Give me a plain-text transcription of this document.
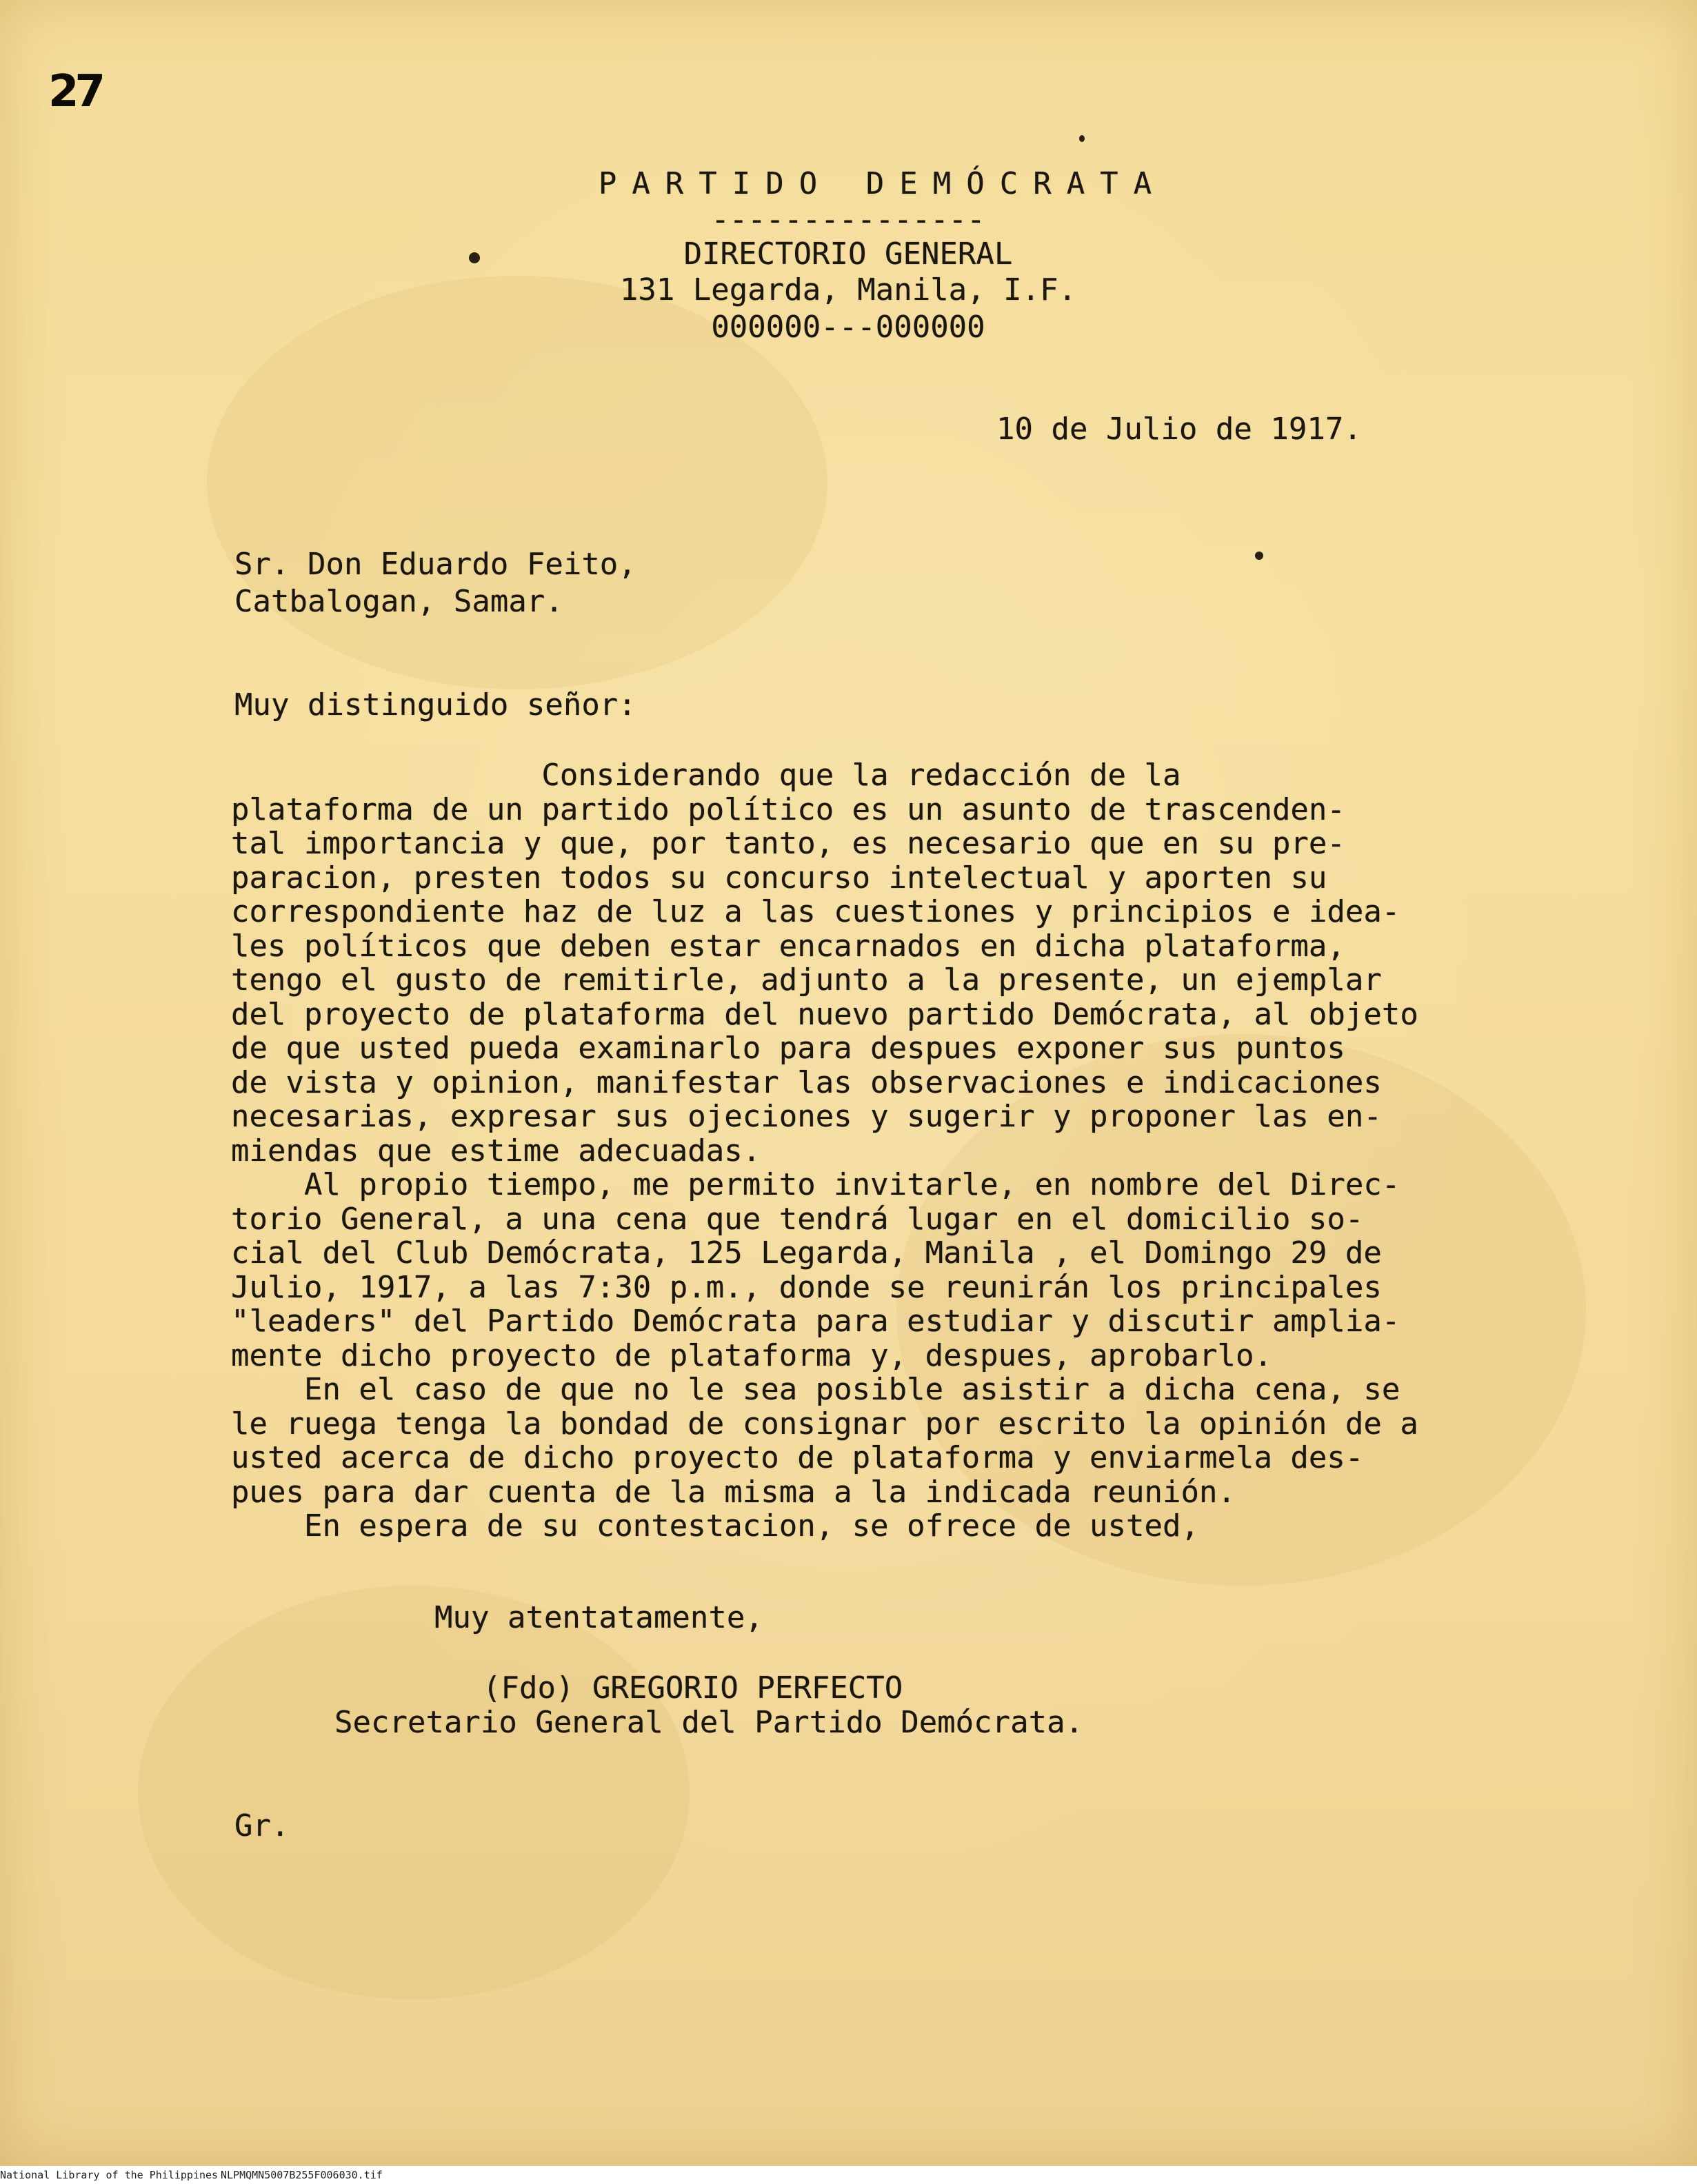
27

PARTIDO DEMÓCRATA

---------------

DIRECTORIO GENERAL

131 Legarda, Manila, I.F.

000000---000000

10 de Julio de 1917.

Sr. Don Eduardo Feito,

Catbalogan, Samar.

Muy distinguido señor:

Considerando que la redacción de la
plataforma de un partido político es un asunto de trascenden-
tal importancia y que, por tanto, es necesario que en su pre-
paracion, presten todos su concurso intelectual y aporten su
correspondiente haz de luz a las cuestiones y principios e idea-
les políticos que deben estar encarnados en dicha plataforma,
tengo el gusto de remitirle, adjunto a la presente, un ejemplar
del proyecto de plataforma del nuevo partido Demócrata, al objeto
de que usted pueda examinarlo para despues exponer sus puntos
de vista y opinion, manifestar las observaciones e indicaciones
necesarias, expresar sus ojeciones y sugerir y proponer las en-
miendas que estime adecuadas.
Al propio tiempo, me permito invitarle, en nombre del Direc-
torio General, a una cena que tendrá lugar en el domicilio so-
cial del Club Demócrata, 125 Legarda, Manila , el Domingo 29 de
Julio, 1917, a las 7:30 p.m., donde se reunirán los principales
"leaders" del Partido Demócrata para estudiar y discutir amplia-
mente dicho proyecto de plataforma y, despues, aprobarlo.
En el caso de que no le sea posible asistir a dicha cena, se
le ruega tenga la bondad de consignar por escrito la opinión de a
usted acerca de dicho proyecto de plataforma y enviarmela des-
pues para dar cuenta de la misma a la indicada reunión.
En espera de su contestacion, se ofrece de usted,

Muy atentatamente,

(Fdo) GREGORIO PERFECTO

Secretario General del Partido Demócrata.

Gr.

National Library of the Philippines NLPMQMN5007B255F006030.tif
